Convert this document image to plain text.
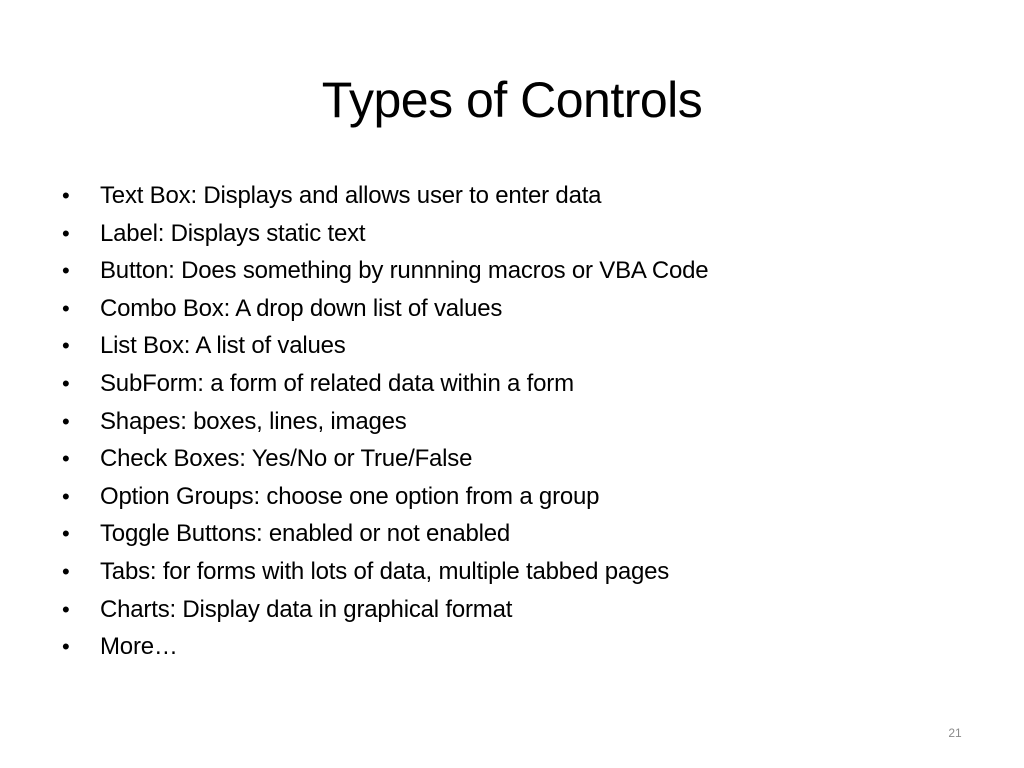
Types of Controls
• Text Box: Displays and allows user to enter data
• Label: Displays static text
• Button: Does something by runnning macros or VBA Code
• Combo Box: A drop down list of values
• List Box: A list of values
• SubForm: a form of related data within a form
• Shapes: boxes, lines, images
• Check Boxes: Yes/No or True/False
• Option Groups: choose one option from a group
• Toggle Buttons: enabled or not enabled
• Tabs: for forms with lots of data, multiple tabbed pages
• Charts: Display data in graphical format
• More…
21
